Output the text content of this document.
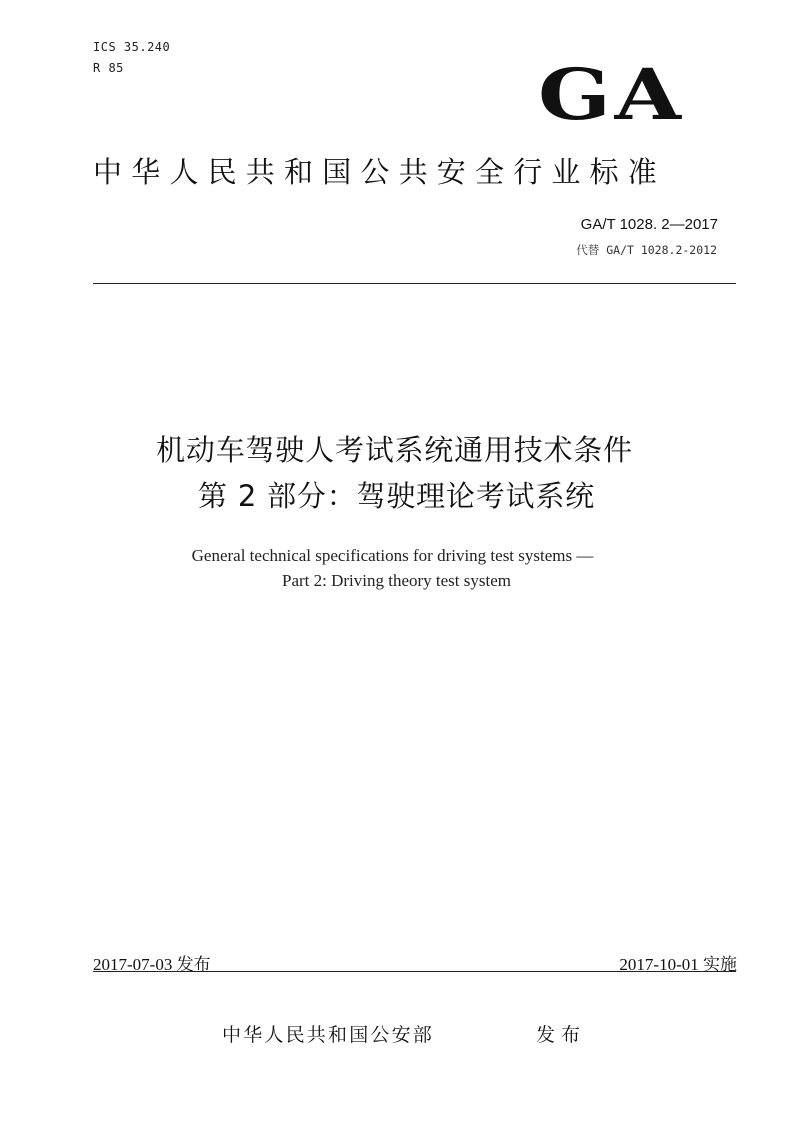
ICS 35.240
R 85	GA
中华人民共和国公共安全行业标准
GA/T 1028. 2—2017
代替 GA/T 1028.2-2012
机动车驾驶人考试系统通用技术条件
第 2 部分：驾驶理论考试系统
General technical specifications for driving test systems —
Part 2: Driving theory test system
2017-07-03 发布	2017-10-01 实施
中华人民共和国公安部	发布
